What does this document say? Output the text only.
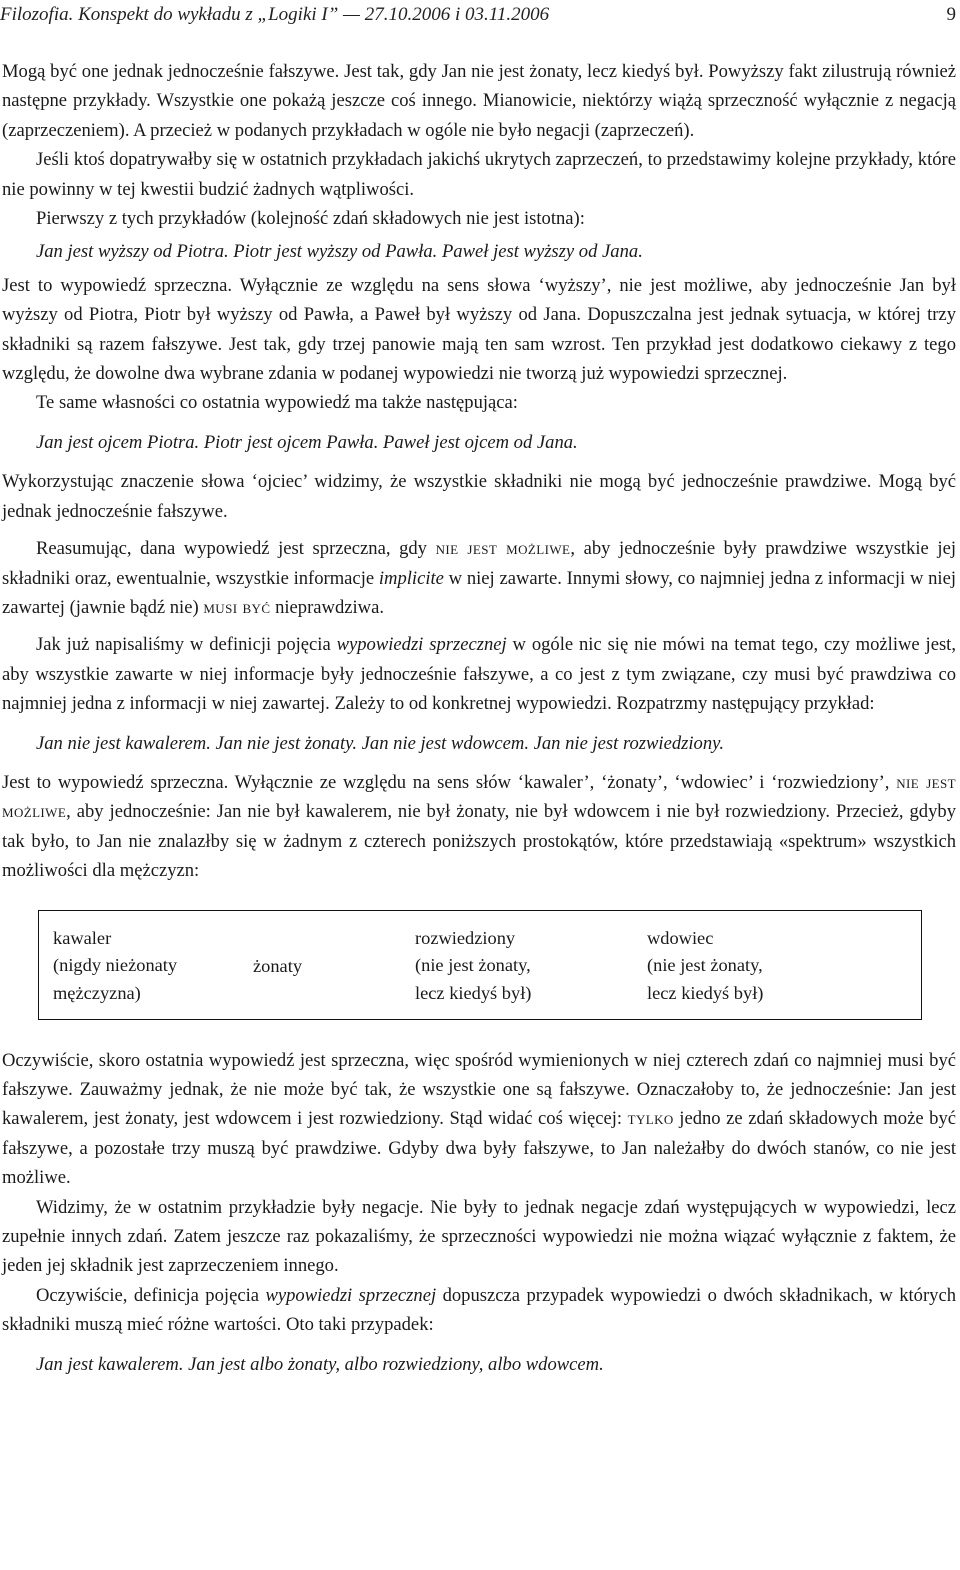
Filozofia. Konspekt do wykładu z „Logiki I” — 27.10.2006 i 03.11.2006	9

Mogą być one jednak jednocześnie fałszywe. Jest tak, gdy Jan nie jest żonaty, lecz kiedyś był. Powyższy fakt zilustrują również następne przykłady. Wszystkie one pokażą jeszcze coś innego. Mianowicie, niektórzy wiążą sprzeczność wyłącznie z negacją (zaprzeczeniem). A przecież w podanych przykładach w ogóle nie było negacji (zaprzeczeń).

Jeśli ktoś dopatrywałby się w ostatnich przykładach jakichś ukrytych zaprzeczeń, to przedstawimy kolejne przykłady, które nie powinny w tej kwestii budzić żadnych wątpliwości.

Pierwszy z tych przykładów (kolejność zdań składowych nie jest istotna):

Jan jest wyższy od Piotra. Piotr jest wyższy od Pawła. Paweł jest wyższy od Jana.

Jest to wypowiedź sprzeczna. Wyłącznie ze względu na sens słowa ‘wyższy’, nie jest możliwe, aby jednocześnie Jan był wyższy od Piotra, Piotr był wyższy od Pawła, a Paweł był wyższy od Jana. Dopuszczalna jest jednak sytuacja, w której trzy składniki są razem fałszywe. Jest tak, gdy trzej panowie mają ten sam wzrost. Ten przykład jest dodatkowo ciekawy z tego względu, że dowolne dwa wybrane zdania w podanej wypowiedzi nie tworzą już wypowiedzi sprzecznej.

Te same własności co ostatnia wypowiedź ma także następująca:

Jan jest ojcem Piotra. Piotr jest ojcem Pawła. Paweł jest ojcem od Jana.

Wykorzystując znaczenie słowa ‘ojciec’ widzimy, że wszystkie składniki nie mogą być jednocześnie prawdziwe. Mogą być jednak jednocześnie fałszywe.

Reasumując, dana wypowiedź jest sprzeczna, gdy nie jest możliwe, aby jednocześnie były prawdziwe wszystkie jej składniki oraz, ewentualnie, wszystkie informacje implicite w niej zawarte. Innymi słowy, co najmniej jedna z informacji w niej zawartej (jawnie bądź nie) musi być nieprawdziwa.

Jak już napisaliśmy w definicji pojęcia wypowiedzi sprzecznej w ogóle nic się nie mówi na temat tego, czy możliwe jest, aby wszystkie zawarte w niej informacje były jednocześnie fałszywe, a co jest z tym związane, czy musi być prawdziwa co najmniej jedna z informacji w niej zawartej. Zależy to od konkretnej wypowiedzi. Rozpatrzmy następujący przykład:

Jan nie jest kawalerem. Jan nie jest żonaty. Jan nie jest wdowcem. Jan nie jest rozwiedziony.

Jest to wypowiedź sprzeczna. Wyłącznie ze względu na sens słów ‘kawaler’, ‘żonaty’, ‘wdowiec’ i ‘rozwiedziony’, nie jest możliwe, aby jednocześnie: Jan nie był kawalerem, nie był żonaty, nie był wdowcem i nie był rozwiedziony. Przecież, gdyby tak było, to Jan nie znalazłby się w żadnym z czterech poniższych prostokątów, które przedstawiają «spektrum» wszystkich możliwości dla mężczyzn:

kawaler
(nigdy nieżonaty
mężczyzna)
żonaty
rozwiedziony
(nie jest żonaty,
lecz kiedyś był)
wdowiec
(nie jest żonaty,
lecz kiedyś był)

Oczywiście, skoro ostatnia wypowiedź jest sprzeczna, więc spośród wymienionych w niej czterech zdań co najmniej musi być fałszywe. Zauważmy jednak, że nie może być tak, że wszystkie one są fałszywe. Oznaczałoby to, że jednocześnie: Jan jest kawalerem, jest żonaty, jest wdowcem i jest rozwiedziony. Stąd widać coś więcej: tylko jedno ze zdań składowych może być fałszywe, a pozostałe trzy muszą być prawdziwe. Gdyby dwa były fałszywe, to Jan należałby do dwóch stanów, co nie jest możliwe.

Widzimy, że w ostatnim przykładzie były negacje. Nie były to jednak negacje zdań występujących w wypowiedzi, lecz zupełnie innych zdań. Zatem jeszcze raz pokazaliśmy, że sprzeczności wypowiedzi nie można wiązać wyłącznie z faktem, że jeden jej składnik jest zaprzeczeniem innego.

Oczywiście, definicja pojęcia wypowiedzi sprzecznej dopuszcza przypadek wypowiedzi o dwóch składnikach, w których składniki muszą mieć różne wartości. Oto taki przypadek:

Jan jest kawalerem. Jan jest albo żonaty, albo rozwiedziony, albo wdowcem.
